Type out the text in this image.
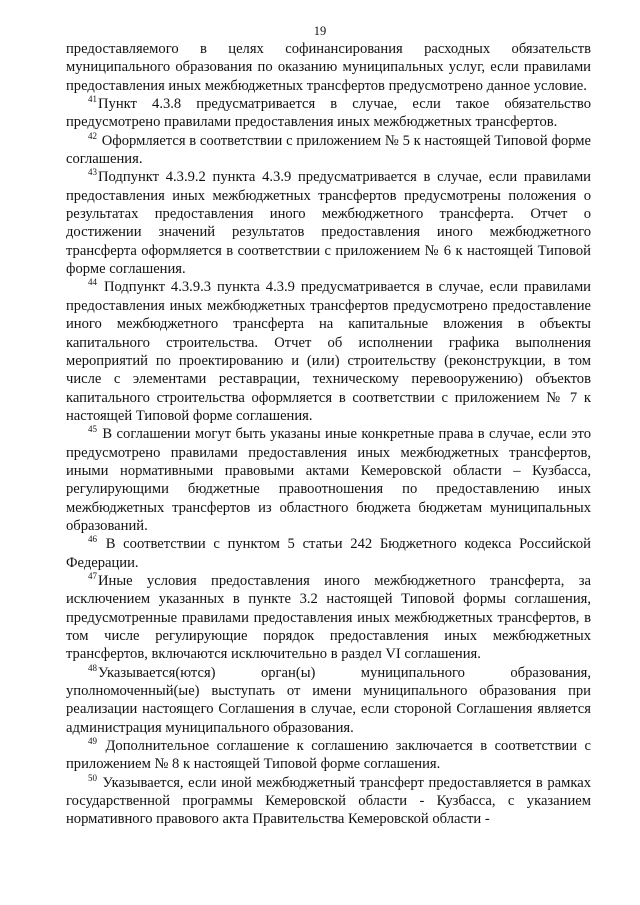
19

предоставляемого в целях софинансирования расходных обязательств муниципального образования по оказанию муниципальных услуг, если правилами предоставления иных межбюджетных трансфертов предусмотрено данное условие.

$^{41}$Пункт 4.3.8 предусматривается в случае, если такое обязательство предусмотрено правилами предоставления иных межбюджетных трансфертов.

$^{42}$ Оформляется в соответствии с приложением № 5 к настоящей Типовой форме соглашения.

$^{43}$Подпункт 4.3.9.2 пункта 4.3.9 предусматривается в случае, если правилами предоставления иных межбюджетных трансфертов предусмотрены положения о результатах предоставления иного межбюджетного трансферта. Отчет о достижении значений результатов предоставления иного межбюджетного трансферта оформляется в соответствии с приложением № 6 к настоящей Типовой форме соглашения.

$^{44}$ Подпункт 4.3.9.3 пункта 4.3.9 предусматривается в случае, если правилами предоставления иных межбюджетных трансфертов предусмотрено предоставление иного межбюджетного трансферта на капитальные вложения в объекты капитального строительства. Отчет об исполнении графика выполнения мероприятий по проектированию и (или) строительству (реконструкции, в том числе с элементами реставрации, техническому перевооружению) объектов капитального строительства оформляется в соответствии с приложением № 7 к настоящей Типовой форме соглашения.

$^{45}$ В соглашении могут быть указаны иные конкретные права в случае, если это предусмотрено правилами предоставления иных межбюджетных трансфертов, иными нормативными правовыми актами Кемеровской области – Кузбасса, регулирующими бюджетные правоотношения по предоставлению иных межбюджетных трансфертов из областного бюджета бюджетам муниципальных образований.

$^{46}$ В соответствии с пунктом 5 статьи 242 Бюджетного кодекса Российской Федерации.

$^{47}$Иные условия предоставления иного межбюджетного трансферта, за исключением указанных в пункте 3.2 настоящей Типовой формы соглашения, предусмотренные правилами предоставления иных межбюджетных трансфертов, в том числе регулирующие порядок предоставления иных межбюджетных трансфертов, включаются исключительно в раздел VI соглашения.

$^{48}$Указывается(ются) орган(ы) муниципального образования, уполномоченный(ые) выступать от имени муниципального образования при реализации настоящего Соглашения в случае, если стороной Соглашения является администрация муниципального образования.

$^{49}$ Дополнительное соглашение к соглашению заключается в соответствии с приложением № 8 к настоящей Типовой форме соглашения.

$^{50}$ Указывается, если иной межбюджетный трансферт предоставляется в рамках государственной программы Кемеровской области - Кузбасса, с указанием нормативного правового акта Правительства Кемеровской области -
